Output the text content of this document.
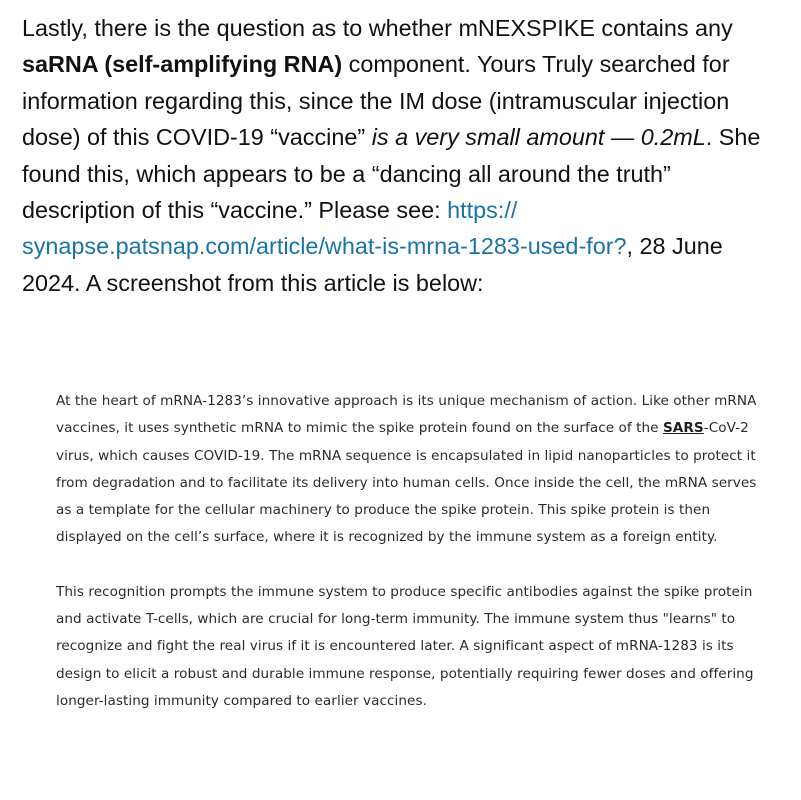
Lastly, there is the question as to whether mNEXSPIKE contains any saRNA (self-amplifying RNA) component. Yours Truly searched for information regarding this, since the IM dose (intramuscular injection dose) of this COVID-19 “vaccine” is a very small amount — 0.2mL. She found this, which appears to be a “dancing all around the truth” description of this “vaccine.” Please see: https://
synapse.patsnap.com/article/what-is-mrna-1283-used-for?, 28 June 2024. A screenshot from this article is below:

At the heart of mRNA-1283’s innovative approach is its unique mechanism of action. Like other mRNA vaccines, it uses synthetic mRNA to mimic the spike protein found on the surface of the SARS-CoV-2 virus, which causes COVID-19. The mRNA sequence is encapsulated in lipid nanoparticles to protect it from degradation and to facilitate its delivery into human cells. Once inside the cell, the mRNA serves as a template for the cellular machinery to produce the spike protein. This spike protein is then displayed on the cell’s surface, where it is recognized by the immune system as a foreign entity.

This recognition prompts the immune system to produce specific antibodies against the spike protein and activate T-cells, which are crucial for long-term immunity. The immune system thus "learns" to recognize and fight the real virus if it is encountered later. A significant aspect of mRNA-1283 is its design to elicit a robust and durable immune response, potentially requiring fewer doses and offering longer-lasting immunity compared to earlier vaccines.
